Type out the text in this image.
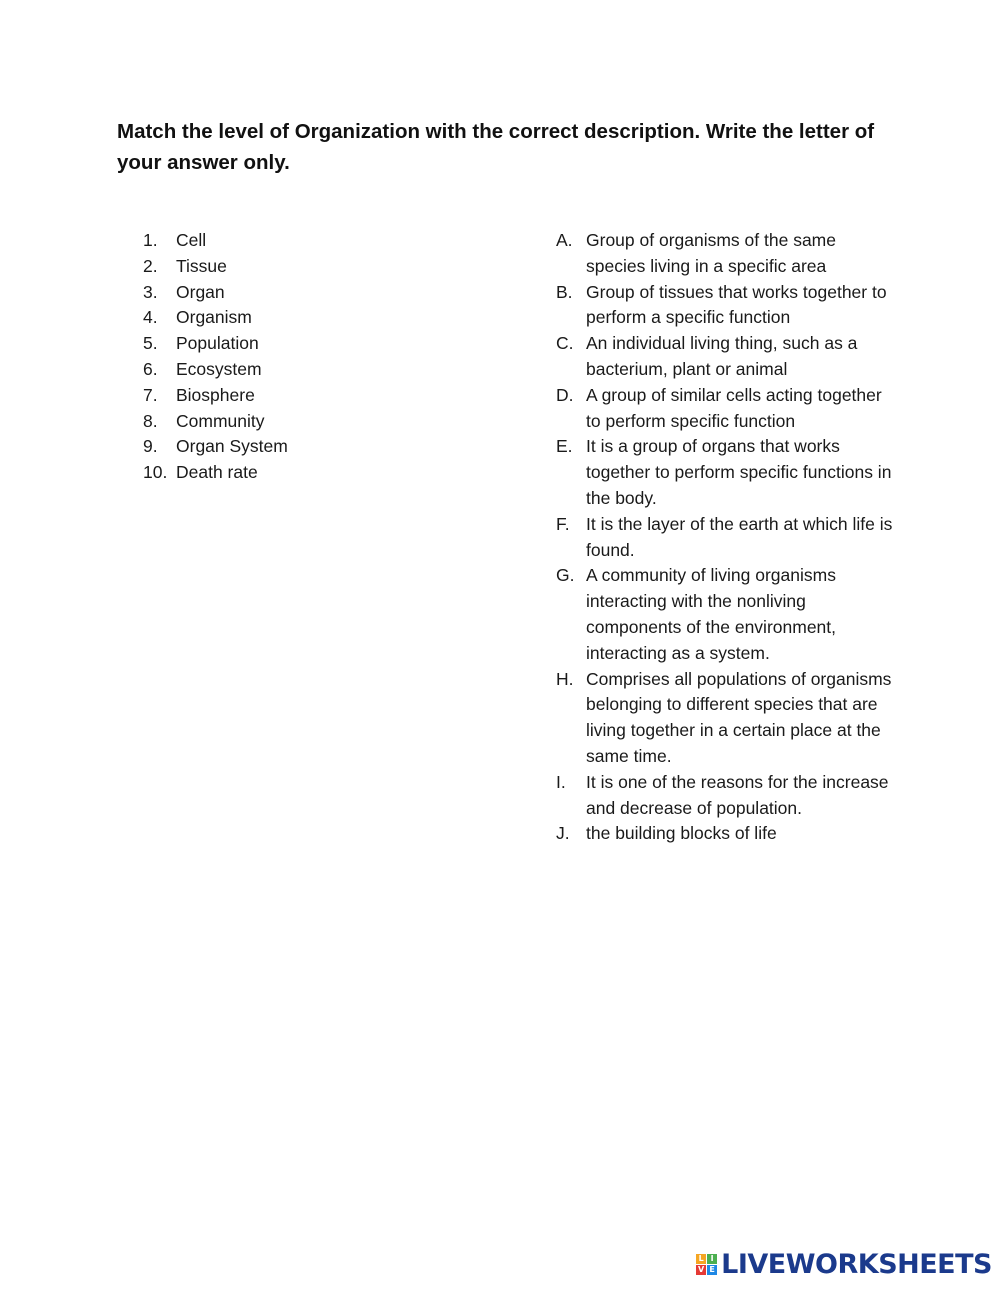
Match the level of Organization with the correct description. Write the letter of your answer only.
1.	Cell
2.	Tissue
3.	Organ
4.	Organism
5.	Population
6.	Ecosystem
7.	Biosphere
8.	Community
9.	Organ System
10. Death rate
A. Group of organisms of the same species living in a specific area
B. Group of tissues that works together to perform a specific function
C. An individual living thing, such as a bacterium, plant or animal
D. A group of similar cells acting together to perform specific function
E. It is a group of organs that works together to perform specific functions in the body.
F. It is the layer of the earth at which life is found.
G. A community of living organisms interacting with the nonliving components of the environment, interacting as a system.
H. Comprises all populations of organisms belonging to different species that are living together in a certain place at the same time.
I.	It is one of the reasons for the increase and decrease of population.
J. the building blocks of life
L I
V E LIVEWORKSHEETS
